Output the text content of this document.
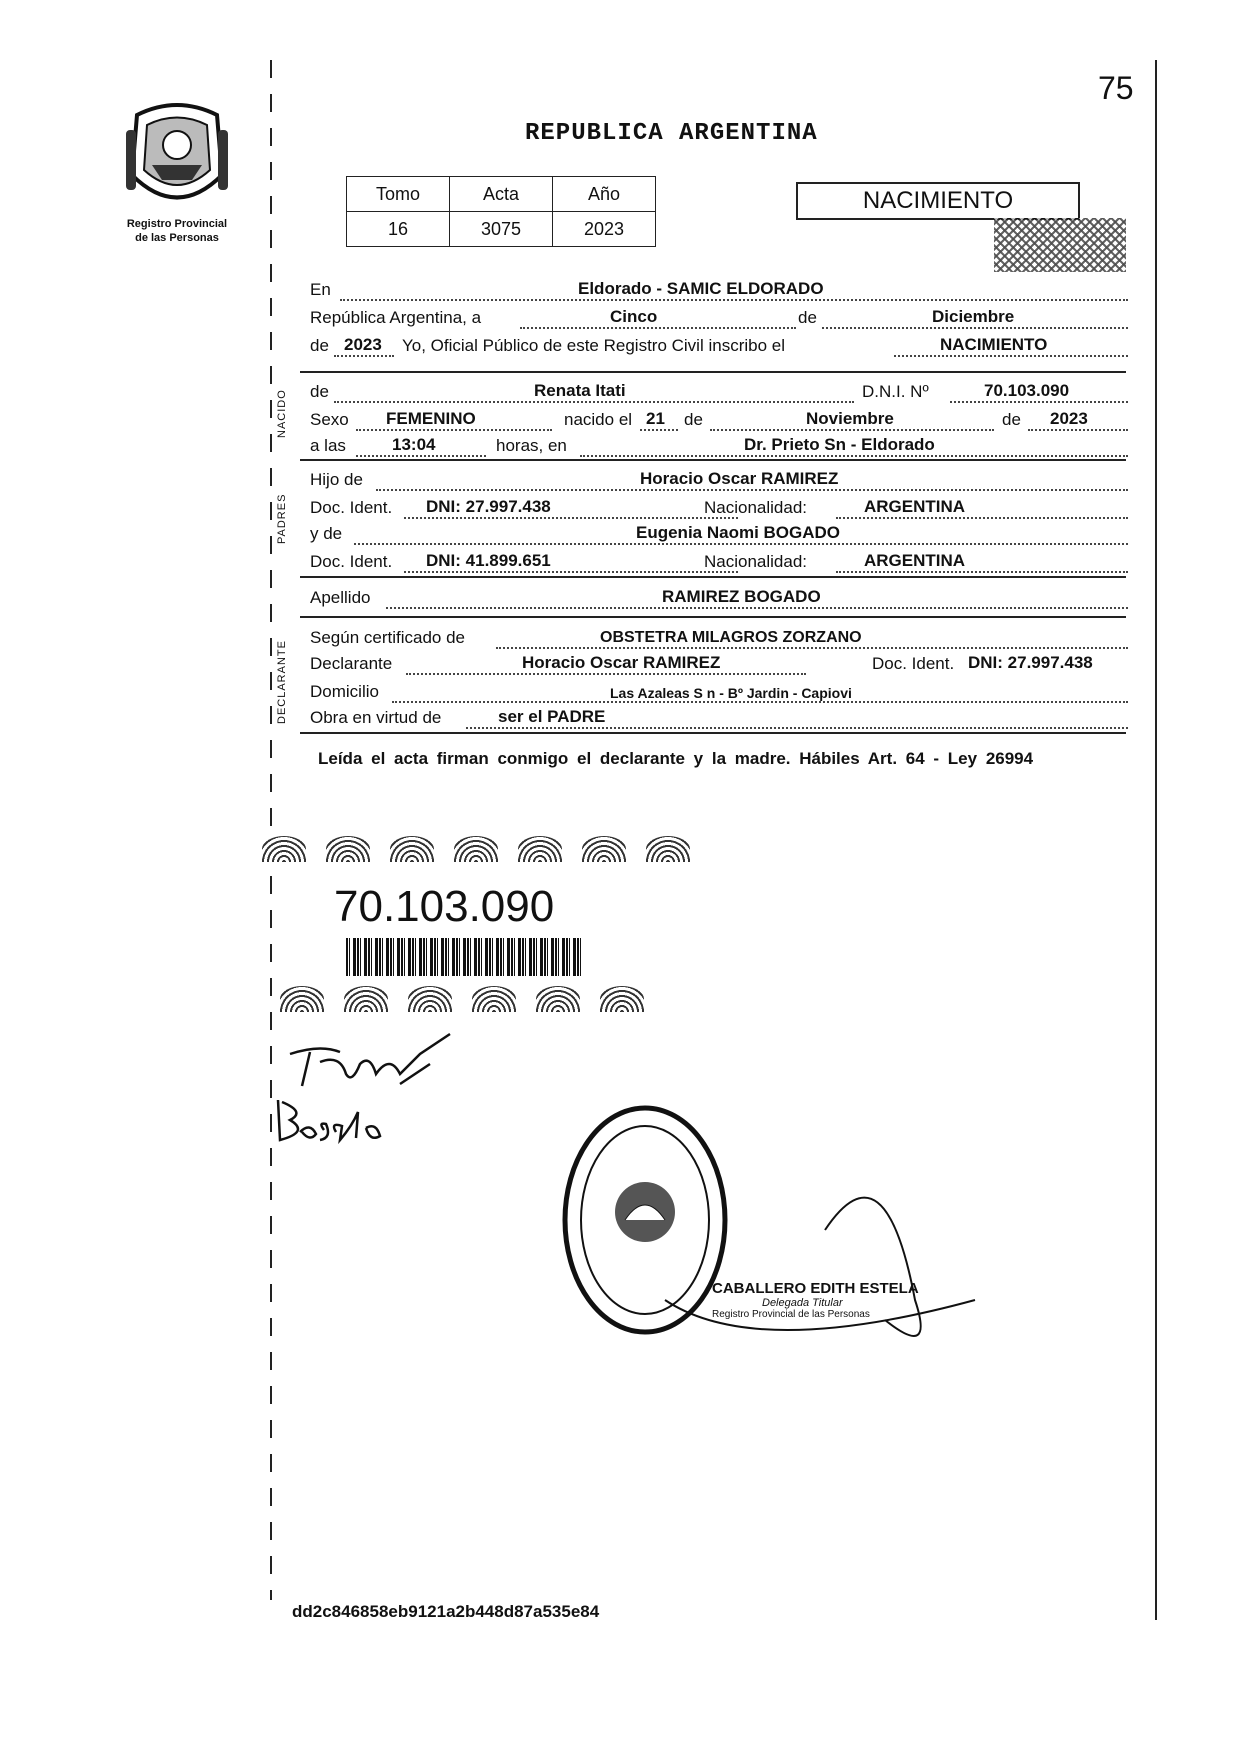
75
Registro Provincial
de las Personas
REPUBLICA ARGENTINA
Tomo	Acta	Año
16	3075	2023
NACIMIENTO
NACIDO
PADRES
DECLARANTE
En	Eldorado - SAMIC ELDORADO
República Argentina, a	Cinco	de	Diciembre
de 2023 Yo, Oficial Público de este Registro Civil inscribo el	NACIMIENTO
de	Renata Itati	D.N.I. Nº	70.103.090
Sexo FEMENINO	nacido el 21 de	Noviembre	de 2023
a las	13:04	horas, en	Dr. Prieto Sn - Eldorado
Hijo de	Horacio Oscar RAMIREZ
Doc. Ident. DNI: 27.997.438	Nacionalidad:	ARGENTINA
y de	Eugenia Naomi BOGADO
Doc. Ident. DNI: 41.899.651	Nacionalidad:	ARGENTINA
Apellido	RAMIREZ BOGADO
Según certificado de	OBSTETRA MILAGROS ZORZANO
Declarante	Horacio Oscar RAMIREZ	Doc. Ident. DNI: 27.997.438
Domicilio	Las Azaleas S n - Bº Jardin - Capiovi
Obra en virtud de	ser el PADRE
Leída el acta firman conmigo el declarante y la madre. Hábiles Art. 64 - Ley 26994
70.103.090
CABALLERO EDITH ESTELA
Delegada Titular
Registro Provincial de las Personas
dd2c846858eb9121a2b448d87a535e84
